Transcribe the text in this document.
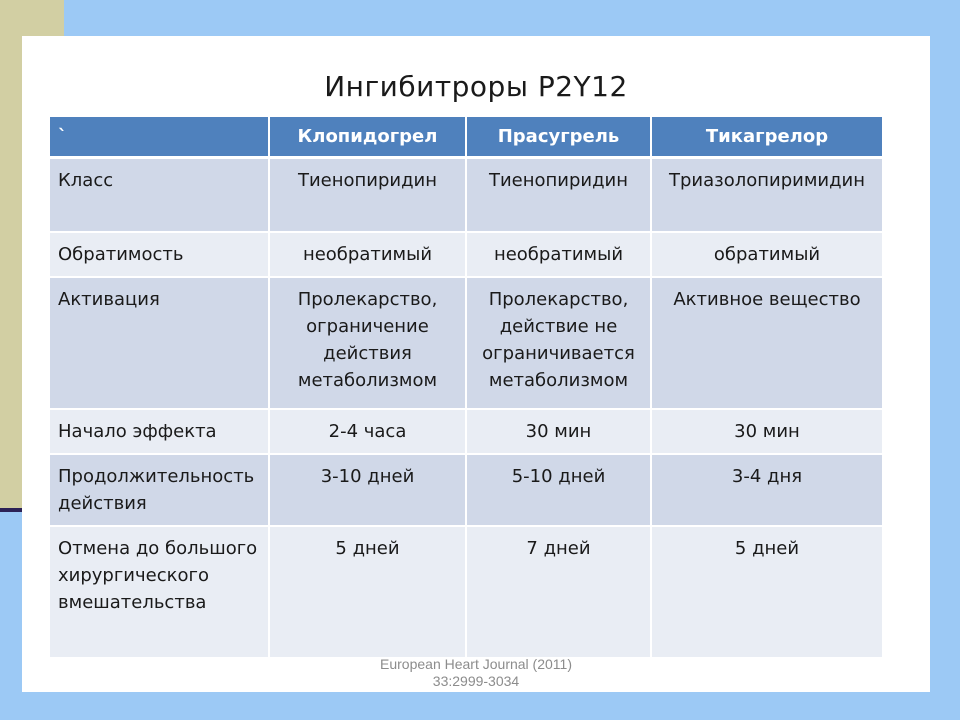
Ингибитроры P2Y12
`	Клопидогрел	Прасугрель	Тикагрелор
Класс	Тиенопиридин	Тиенопиридин	Триазолопиримидин
Обратимость	необратимый	необратимый	обратимый
Активация	Пролекарство, ограничение действия метаболизмом	Пролекарство, действие не ограничивается метаболизмом	Активное вещество
Начало эффекта	2-4 часа	30 мин	30 мин
Продолжительность действия	3-10 дней	5-10 дней	3-4 дня
Отмена до большого хирургического вмешательства	5 дней	7 дней	5 дней
European Heart Journal (2011)
33:2999-3034
